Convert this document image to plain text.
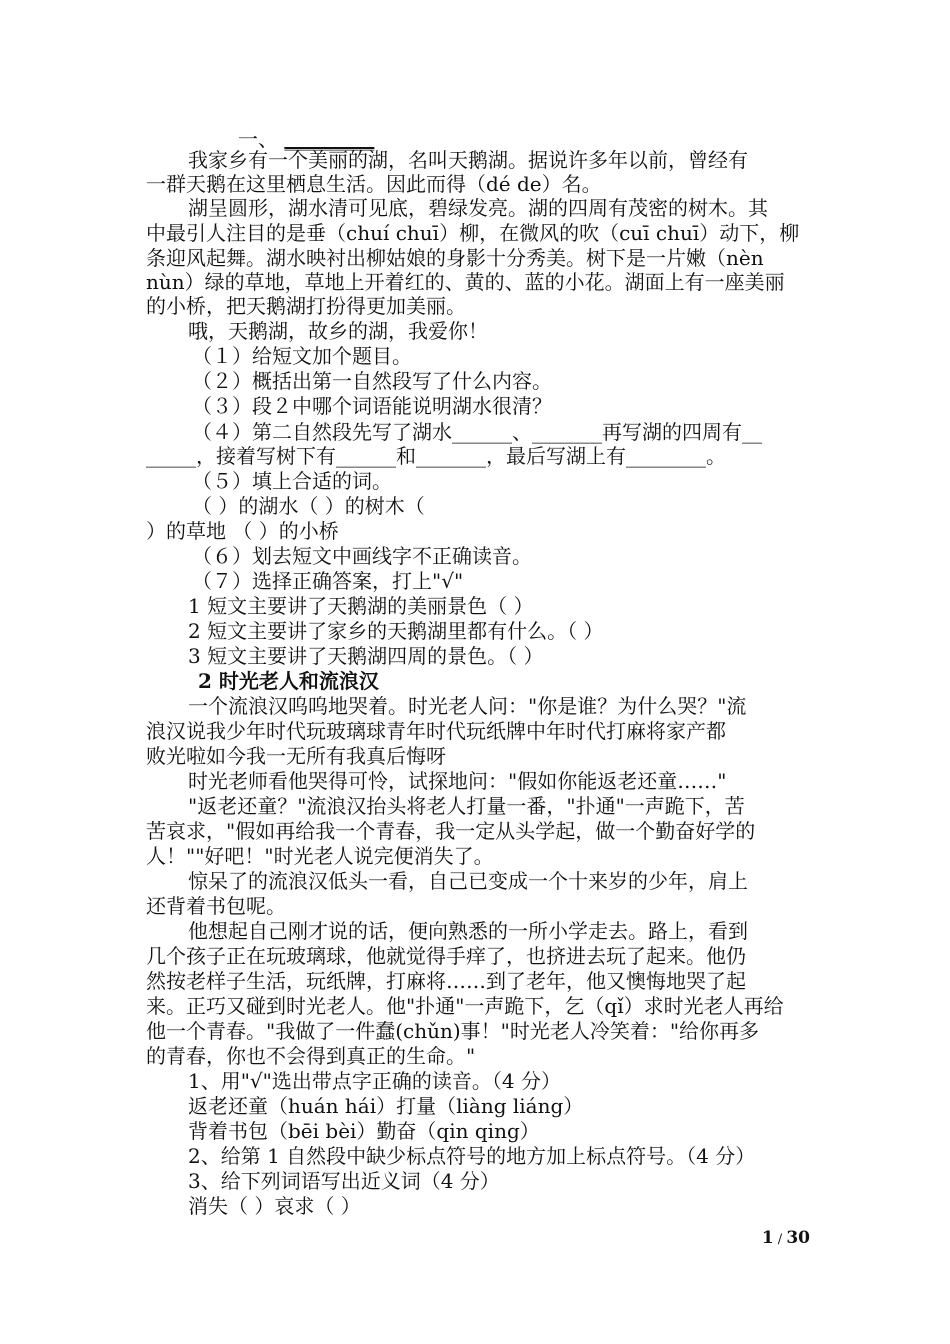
一、 _________
我家乡有一个美丽的湖，名叫天鹅湖。据说许多年以前，曾经有
一群天鹅在这里栖息生活。因此而得（dé de）名。
湖呈圆形，湖水清可见底，碧绿发亮。湖的四周有茂密的树木。其
中最引人注目的是垂（chuí chuī）柳，在微风的吹（cuī chuī）动下，柳
条迎风起舞。湖水映衬出柳姑娘的身影十分秀美。树下是一片嫩（nèn
nùn）绿的草地，草地上开着红的、黄的、蓝的小花。湖面上有一座美丽
的小桥，把天鹅湖打扮得更加美丽。
哦，天鹅湖，故乡的湖，我爱你！
（１）给短文加个题目。
（２）概括出第一自然段写了什么内容。
（３）段２中哪个词语能说明湖水很清？
（４）第二自然段先写了湖水______、_______再写湖的四周有__
_____，接着写树下有______和_______，最后写湖上有________。
（５）填上合适的词。
（ ）的湖水（ ）的树木（
）的草地 （ ）的小桥
（６）划去短文中画线字不正确读音。
（７）选择正确答案，打上"√"
1 短文主要讲了天鹅湖的美丽景色（ ）
2 短文主要讲了家乡的天鹅湖里都有什么。（ ）
3 短文主要讲了天鹅湖四周的景色。（ ）
2 时光老人和流浪汉
一个流浪汉呜呜地哭着。时光老人问："你是谁？为什么哭？"流
浪汉说我少年时代玩玻璃球青年时代玩纸牌中年时代打麻将家产都
败光啦如今我一无所有我真后悔呀
时光老师看他哭得可怜，试探地问："假如你能返老还童……"
"返老还童？"流浪汉抬头将老人打量一番，"扑通"一声跪下，苦
苦哀求，"假如再给我一个青春，我一定从头学起，做一个勤奋好学的
人！""好吧！"时光老人说完便消失了。
惊呆了的流浪汉低头一看，自己已变成一个十来岁的少年，肩上
还背着书包呢。
他想起自己刚才说的话，便向熟悉的一所小学走去。路上，看到
几个孩子正在玩玻璃球，他就觉得手痒了，也挤进去玩了起来。他仍
然按老样子生活，玩纸牌，打麻将……到了老年，他又懊悔地哭了起
来。正巧又碰到时光老人。他"扑通"一声跪下，乞（qǐ）求时光老人再给
他一个青春。"我做了一件蠢(chǔn)事！"时光老人冷笑着："给你再多
的青春，你也不会得到真正的生命。"
1、用"√"选出带点字正确的读音。（4 分）
返老还童（huán hái）打量（liàng liáng）
背着书包（bēi bèi）勤奋（qin qing）
2、给第 1 自然段中缺少标点符号的地方加上标点符号。（4 分）
3、给下列词语写出近义词（4 分）
消失（ ）哀求（ ）
1 / 30
